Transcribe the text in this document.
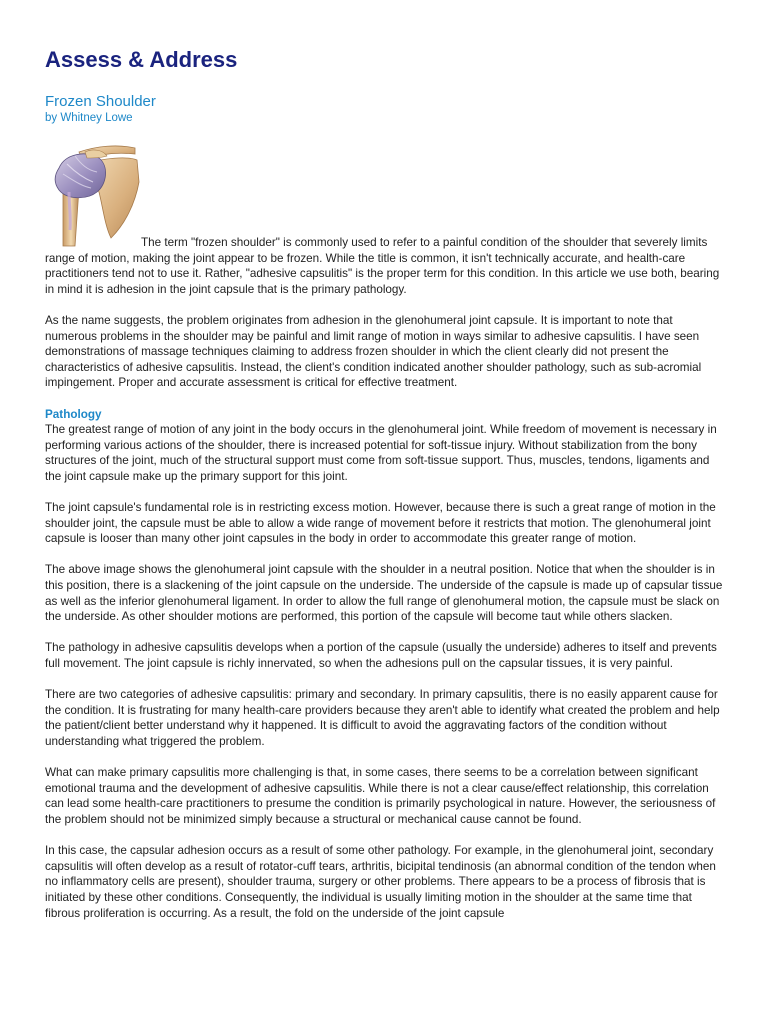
Assess & Address
Frozen Shoulder
by Whitney Lowe

The term "frozen shoulder" is commonly used to refer to a painful condition of the shoulder that severely limits range of motion, making the joint appear to be frozen. While the title is common, it isn't technically accurate, and health-care practitioners tend not to use it. Rather, "adhesive capsulitis" is the proper term for this condition. In this article we use both, bearing in mind it is adhesion in the joint capsule that is the primary pathology.

As the name suggests, the problem originates from adhesion in the glenohumeral joint capsule. It is important to note that numerous problems in the shoulder may be painful and limit range of motion in ways similar to adhesive capsulitis. I have seen demonstrations of massage techniques claiming to address frozen shoulder in which the client clearly did not present the characteristics of adhesive capsulitis. Instead, the client's condition indicated another shoulder pathology, such as sub-acromial impingement. Proper and accurate assessment is critical for effective treatment.

Pathology
The greatest range of motion of any joint in the body occurs in the glenohumeral joint. While freedom of movement is necessary in performing various actions of the shoulder, there is increased potential for soft-tissue injury. Without stabilization from the bony structures of the joint, much of the structural support must come from soft-tissue support. Thus, muscles, tendons, ligaments and the joint capsule make up the primary support for this joint.

The joint capsule's fundamental role is in restricting excess motion. However, because there is such a great range of motion in the shoulder joint, the capsule must be able to allow a wide range of movement before it restricts that motion. The glenohumeral joint capsule is looser than many other joint capsules in the body in order to accommodate this greater range of motion.

The above image shows the glenohumeral joint capsule with the shoulder in a neutral position. Notice that when the shoulder is in this position, there is a slackening of the joint capsule on the underside. The underside of the capsule is made up of capsular tissue as well as the inferior glenohumeral ligament. In order to allow the full range of glenohumeral motion, the capsule must be slack on the underside. As other shoulder motions are performed, this portion of the capsule will become taut while others slacken.

The pathology in adhesive capsulitis develops when a portion of the capsule (usually the underside) adheres to itself and prevents full movement. The joint capsule is richly innervated, so when the adhesions pull on the capsular tissues, it is very painful.

There are two categories of adhesive capsulitis: primary and secondary. In primary capsulitis, there is no easily apparent cause for the condition. It is frustrating for many health-care providers because they aren't able to identify what created the problem and help the patient/client better understand why it happened. It is difficult to avoid the aggravating factors of the condition without understanding what triggered the problem.

What can make primary capsulitis more challenging is that, in some cases, there seems to be a correlation between significant emotional trauma and the development of adhesive capsulitis. While there is not a clear cause/effect relationship, this correlation can lead some health-care practitioners to presume the condition is primarily psychological in nature. However, the seriousness of the problem should not be minimized simply because a structural or mechanical cause cannot be found.

In this case, the capsular adhesion occurs as a result of some other pathology. For example, in the glenohumeral joint, secondary capsulitis will often develop as a result of rotator-cuff tears, arthritis, bicipital tendinosis (an abnormal condition of the tendon when no inflammatory cells are present), shoulder trauma, surgery or other problems. There appears to be a process of fibrosis that is initiated by these other conditions. Consequently, the individual is usually limiting motion in the shoulder at the same time that fibrous proliferation is occurring. As a result, the fold on the underside of the joint capsule
